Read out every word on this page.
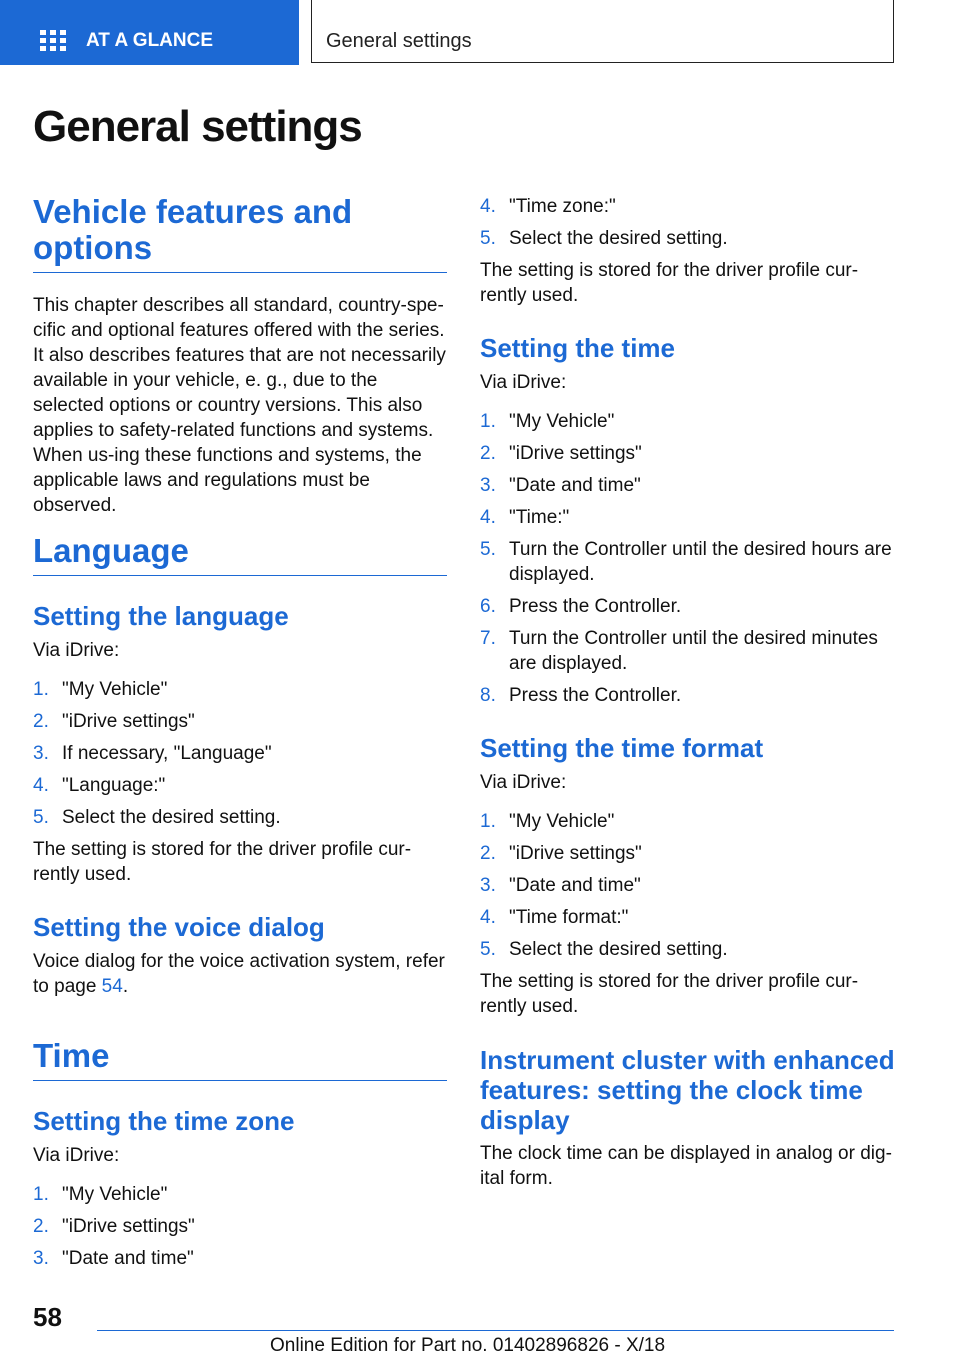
AT A GLANCE	General settings
General settings
Vehicle features and options

This chapter describes all standard, country-spe-cific and optional features offered with the series. It also describes features that are not necessarily available in your vehicle, e. g., due to the selected options or country versions. This also applies to safety-related functions and systems. When us-ing these functions and systems, the applicable laws and regulations must be observed.

Language
Setting the language

Via iDrive:

1. "My Vehicle"
2. "iDrive settings"
3. If necessary, "Language"
4. "Language:"
5. Select the desired setting.

The setting is stored for the driver profile cur-rently used.

Setting the voice dialog

Voice dialog for the voice activation system, refer to page 54.

Time
Setting the time zone

Via iDrive:

1. "My Vehicle"
2. "iDrive settings"
3. "Date and time"
4. "Time zone:"
5. Select the desired setting.

The setting is stored for the driver profile cur-rently used.

Setting the time

Via iDrive:

1. "My Vehicle"
2. "iDrive settings"
3. "Date and time"
4. "Time:"
5. Turn the Controller until the desired hours are displayed.
6. Press the Controller.
7. Turn the Controller until the desired minutes are displayed.
8. Press the Controller.
Setting the time format

Via iDrive:

1. "My Vehicle"
2. "iDrive settings"
3. "Date and time"
4. "Time format:"
5. Select the desired setting.

The setting is stored for the driver profile cur-rently used.

Instrument cluster with enhanced features: setting the clock time display

The clock time can be displayed in analog or dig-ital form.

58
Online Edition for Part no. 01402896826 - X/18
